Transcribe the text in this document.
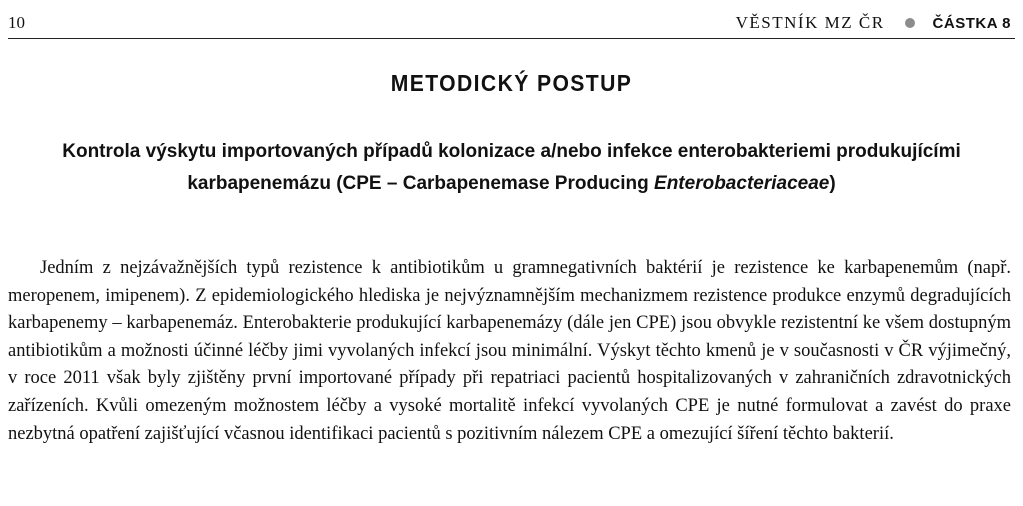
10	VĚSTNÍK MZ ČR	ČÁSTKA 8
METODICKÝ POSTUP
Kontrola výskytu importovaných případů kolonizace a/nebo infekce enterobakteriemi produkujícími
karbapenemázu (CPE – Carbapenemase Producing Enterobacteriaceae)

Jedním z nejzávažnějších typů rezistence k antibiotikům u gramnegativních baktérií je rezistence ke karbapenemům (např. meropenem, imipenem). Z epidemiologického hlediska je nejvýznamnějším mechanizmem rezistence produkce enzymů degradujících karbapenemy – karbapenemáz. Enterobakterie produkující karbapenemázy (dále jen CPE) jsou obvykle rezistentní ke všem dostupným antibiotikům a možnosti účinné léčby jimi vyvolaných infekcí jsou minimální. Výskyt těchto kmenů je v současnosti v ČR výjimečný, v roce 2011 však byly zjištěny první importované případy při repatriaci pacientů hospitalizovaných v zahraničních zdravotnických zařízeních. Kvůli omezeným možnostem léčby a vysoké mortalitě infekcí vyvolaných CPE je nutné formulovat a zavést do praxe nezbytná opatření zajišťující včasnou identifikaci pacientů s pozitivním nálezem CPE a omezující šíření těchto bakterií.
